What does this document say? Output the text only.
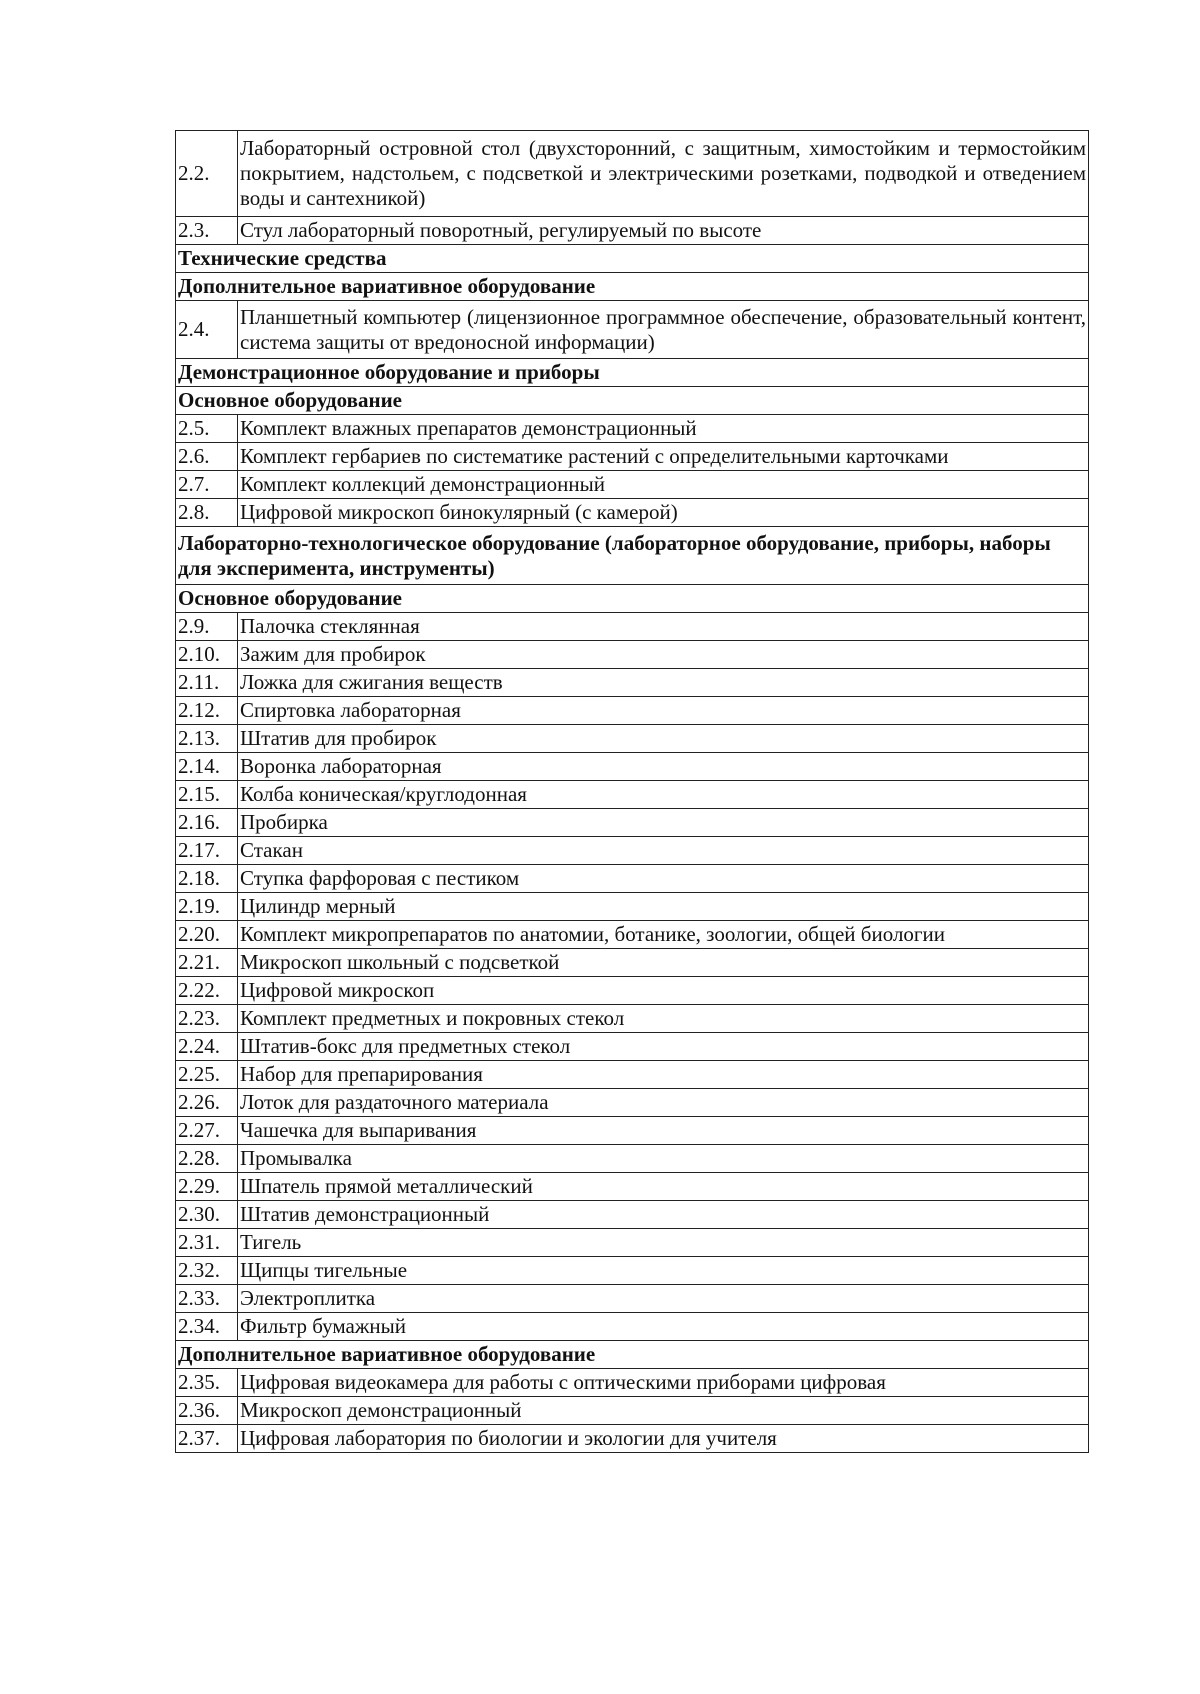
2.2.	Лабораторный островной стол (двухсторонний, с защитным, химостойким и термостойким покрытием, надстольем, с подсветкой и электрическими розетками, подводкой и отведением воды и сантехникой)
2.3.	Стул лабораторный поворотный, регулируемый по высоте
Технические средства	
Дополнительное вариативное оборудование	
2.4.	Планшетный компьютер (лицензионное программное обеспечение, образовательный контент, система защиты от вредоносной информации)
Демонстрационное оборудование и приборы	
Основное оборудование	
2.5.	Комплект влажных препаратов демонстрационный
2.6.	Комплект гербариев по систематике растений с определительными карточками
2.7.	Комплект коллекций демонстрационный
2.8.	Цифровой микроскоп бинокулярный (с камерой)
Лабораторно-технологическое оборудование (лабораторное оборудование, приборы, наборы для эксперимента, инструменты)	
Основное оборудование	
2.9.	Палочка стеклянная
2.10.	Зажим для пробирок
2.11.	Ложка для сжигания веществ
2.12.	Спиртовка лабораторная
2.13.	Штатив для пробирок
2.14.	Воронка лабораторная
2.15.	Колба коническая/круглодонная
2.16.	Пробирка
2.17.	Стакан
2.18.	Ступка фарфоровая с пестиком
2.19.	Цилиндр мерный
2.20.	Комплект микропрепаратов по анатомии, ботанике, зоологии, общей биологии
2.21.	Микроскоп школьный с подсветкой
2.22.	Цифровой микроскоп
2.23.	Комплект предметных и покровных стекол
2.24.	Штатив-бокс для предметных стекол
2.25.	Набор для препарирования
2.26.	Лоток для раздаточного материала
2.27.	Чашечка для выпаривания
2.28.	Промывалка
2.29.	Шпатель прямой металлический
2.30.	Штатив демонстрационный
2.31.	Тигель
2.32.	Щипцы тигельные
2.33.	Электроплитка
2.34.	Фильтр бумажный
Дополнительное вариативное оборудование	
2.35.	Цифровая видеокамера для работы с оптическими приборами цифровая
2.36.	Микроскоп демонстрационный
2.37.	Цифровая лаборатория по биологии и экологии для учителя
